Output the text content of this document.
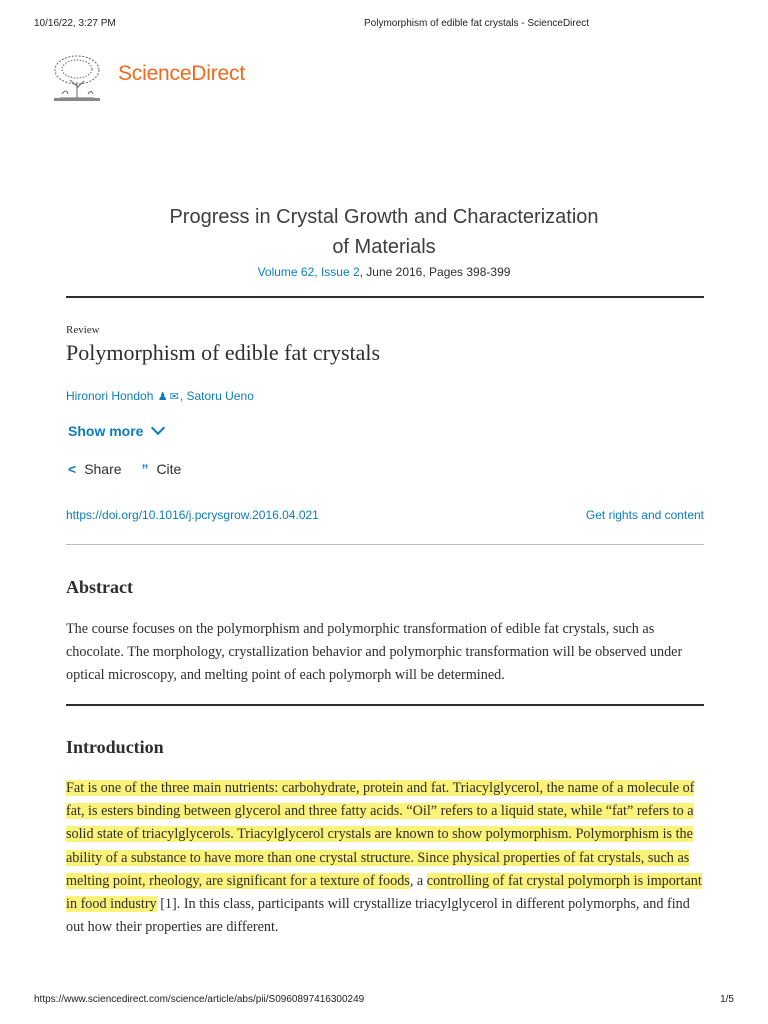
10/16/22, 3:27 PM	Polymorphism of edible fat crystals - ScienceDirect
ScienceDirect
Progress in Crystal Growth and Characterization
of Materials
Volume 62, Issue 2, June 2016, Pages 398-399
Review
Polymorphism of edible fat crystals
Hironori Hondoh ♟ ✉, Satoru Ueno
Show more
< Share
” Cite
https://doi.org/10.1016/j.pcrysgrow.2016.04.021	Get rights and content
Abstract
The course focuses on the polymorphism and polymorphic transformation of edible fat crystals, such as chocolate. The morphology, crystallization behavior and polymorphic transformation will be observed under optical microscopy, and melting point of each polymorph will be determined.
Introduction
Fat is one of the three main nutrients: carbohydrate, protein and fat. Triacylglycerol, the name of a molecule of fat, is esters binding between glycerol and three fatty acids. “Oil” refers to a liquid state, while “fat” refers to a solid state of triacylglycerols. Triacylglycerol crystals are known to show polymorphism. Polymorphism is the ability of a substance to have more than one crystal structure. Since physical properties of fat crystals, such as melting point, rheology, are significant for a texture of foods, a controlling of fat crystal polymorph is important in food industry [1]. In this class, participants will crystallize triacylglycerol in different polymorphs, and find out how their properties are different.
https://www.sciencedirect.com/science/article/abs/pii/S0960897416300249	1/5
